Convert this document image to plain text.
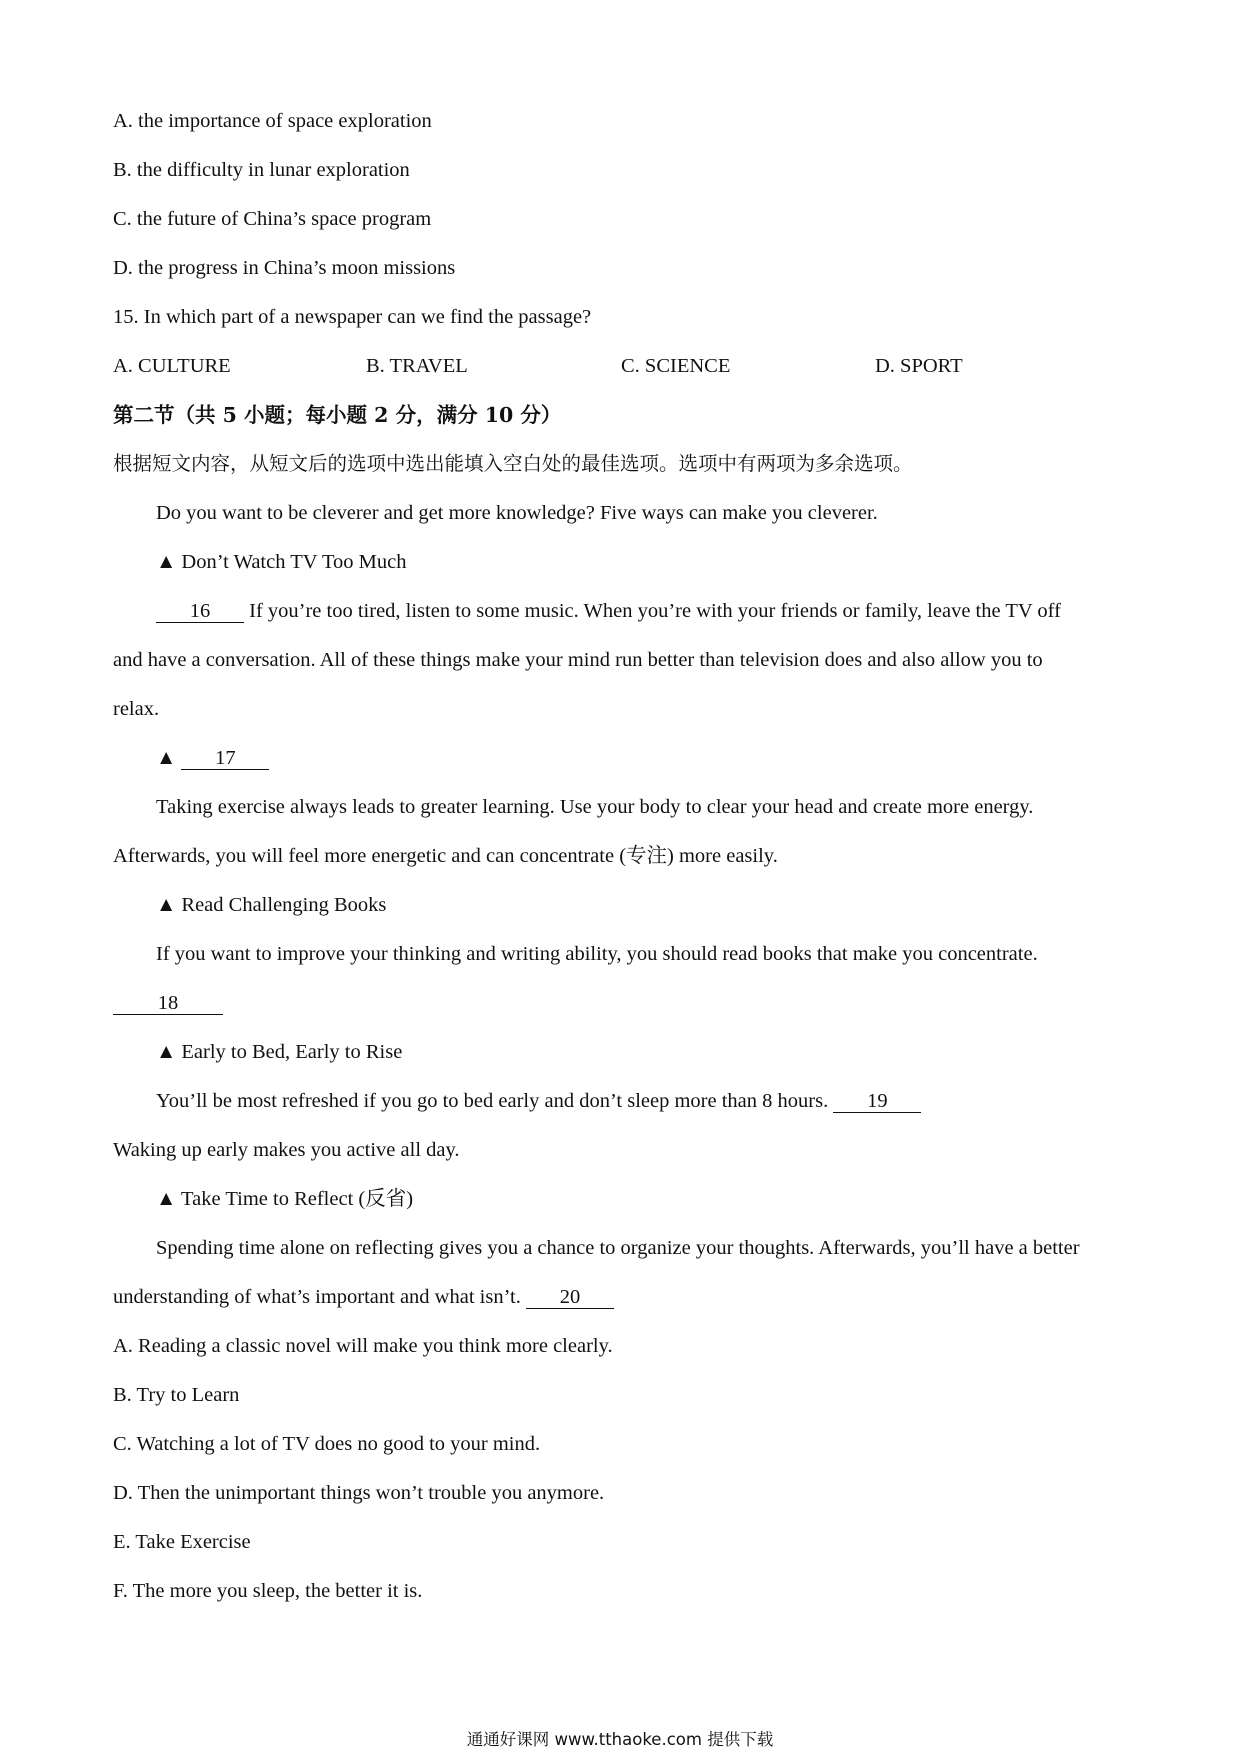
A. the importance of space exploration
B. the difficulty in lunar exploration
C. the future of China’s space program
D. the progress in China’s moon missions
15. In which part of a newspaper can we find the passage?
A. CULTURE	B. TRAVEL	C. SCIENCE	D. SPORT
第二节（共 5 小题；每小题 2 分，满分 10 分）
根据短文内容，从短文后的选项中选出能填入空白处的最佳选项。选项中有两项为多余选项。
Do you want to be cleverer and get more knowledge? Five ways can make you cleverer.
▲ Don’t Watch TV Too Much
16 If you’re too tired, listen to some music. When you’re with your friends or family, leave the TV off
and have a conversation. All of these things make your mind run better than television does and also allow you to
relax.
▲ 17
Taking exercise always leads to greater learning. Use your body to clear your head and create more energy.
Afterwards, you will feel more energetic and can concentrate (专注) more easily.
▲ Read Challenging Books
If you want to improve your thinking and writing ability, you should read books that make you concentrate.
18
▲ Early to Bed, Early to Rise
You’ll be most refreshed if you go to bed early and don’t sleep more than 8 hours. 19
Waking up early makes you active all day.
▲ Take Time to Reflect (反省)
Spending time alone on reflecting gives you a chance to organize your thoughts. Afterwards, you’ll have a better
understanding of what’s important and what isn’t. 20
A. Reading a classic novel will make you think more clearly.
B. Try to Learn
C. Watching a lot of TV does no good to your mind.
D. Then the unimportant things won’t trouble you anymore.
E. Take Exercise
F. The more you sleep, the better it is.
通通好课网 www.tthaoke.com 提供下载
